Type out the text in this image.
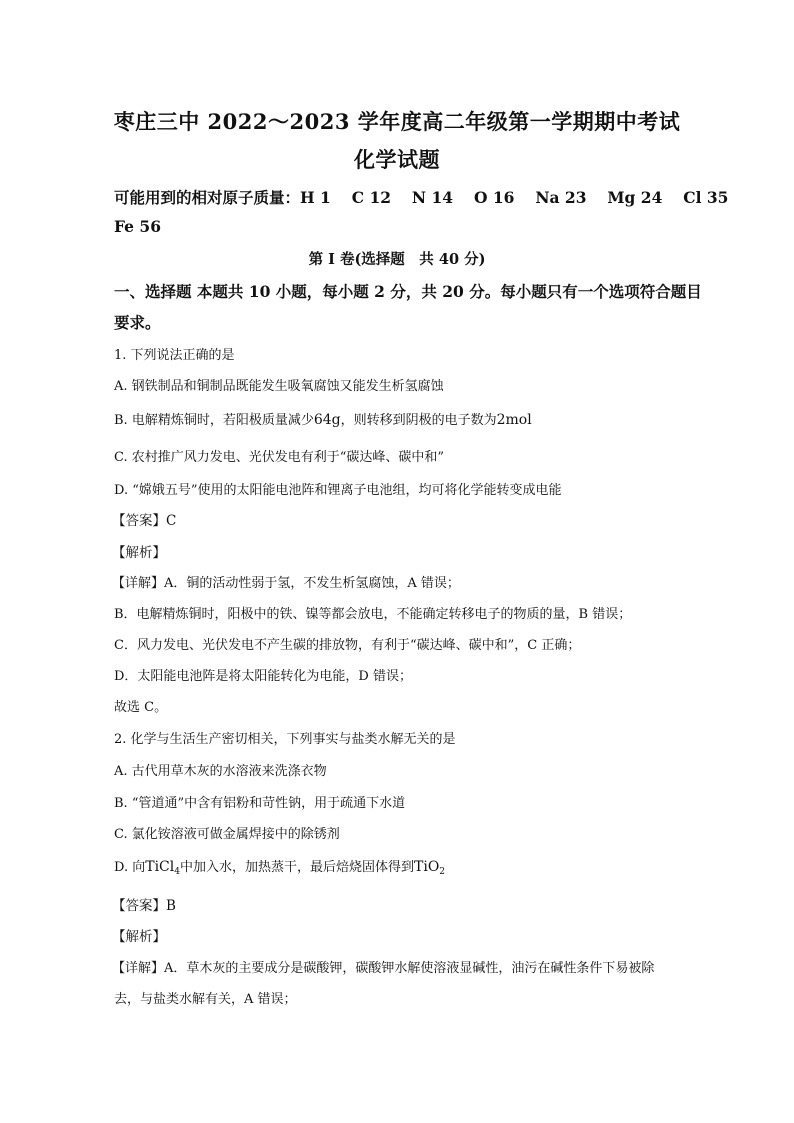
枣庄三中 2022～2023 学年度高二年级第一学期期中考试
化学试题
可能用到的相对原子质量：H 1　 C 12　 N 14　 O 16　 Na 23　 Mg 24　 Cl 35
Fe 56
第 I 卷(选择题　共 40 分)
一、选择题 本题共 10 小题，每小题 2 分，共 20 分。每小题只有一个选项符合题目
要求。
1. 下列说法正确的是
A. 钢铁制品和铜制品既能发生吸氧腐蚀又能发生析氢腐蚀
B. 电解精炼铜时，若阳极质量减少64g，则转移到阴极的电子数为2mol
C. 农村推广风力发电、光伏发电有利于“碳达峰、碳中和”
D. “嫦娥五号”使用的太阳能电池阵和锂离子电池组，均可将化学能转变成电能
【答案】C
【解析】
【详解】A．铜的活动性弱于氢，不发生析氢腐蚀，A 错误；
B．电解精炼铜时，阳极中的铁、镍等都会放电，不能确定转移电子的物质的量，B 错误；
C．风力发电、光伏发电不产生碳的排放物，有利于“碳达峰、碳中和”，C 正确；
D．太阳能电池阵是将太阳能转化为电能，D 错误；
故选 C。
2. 化学与生活生产密切相关，下列事实与盐类水解无关的是
A. 古代用草木灰的水溶液来洗涤衣物
B. “管道通”中含有铝粉和苛性钠，用于疏通下水道
C. 氯化铵溶液可做金属焊接中的除锈剂
D. 向TiCl$_4$中加入水，加热蒸干，最后焙烧固体得到TiO$_2$
【答案】B
【解析】
【详解】A．草木灰的主要成分是碳酸钾，碳酸钾水解使溶液显碱性，油污在碱性条件下易被除
去，与盐类水解有关，A 错误；
